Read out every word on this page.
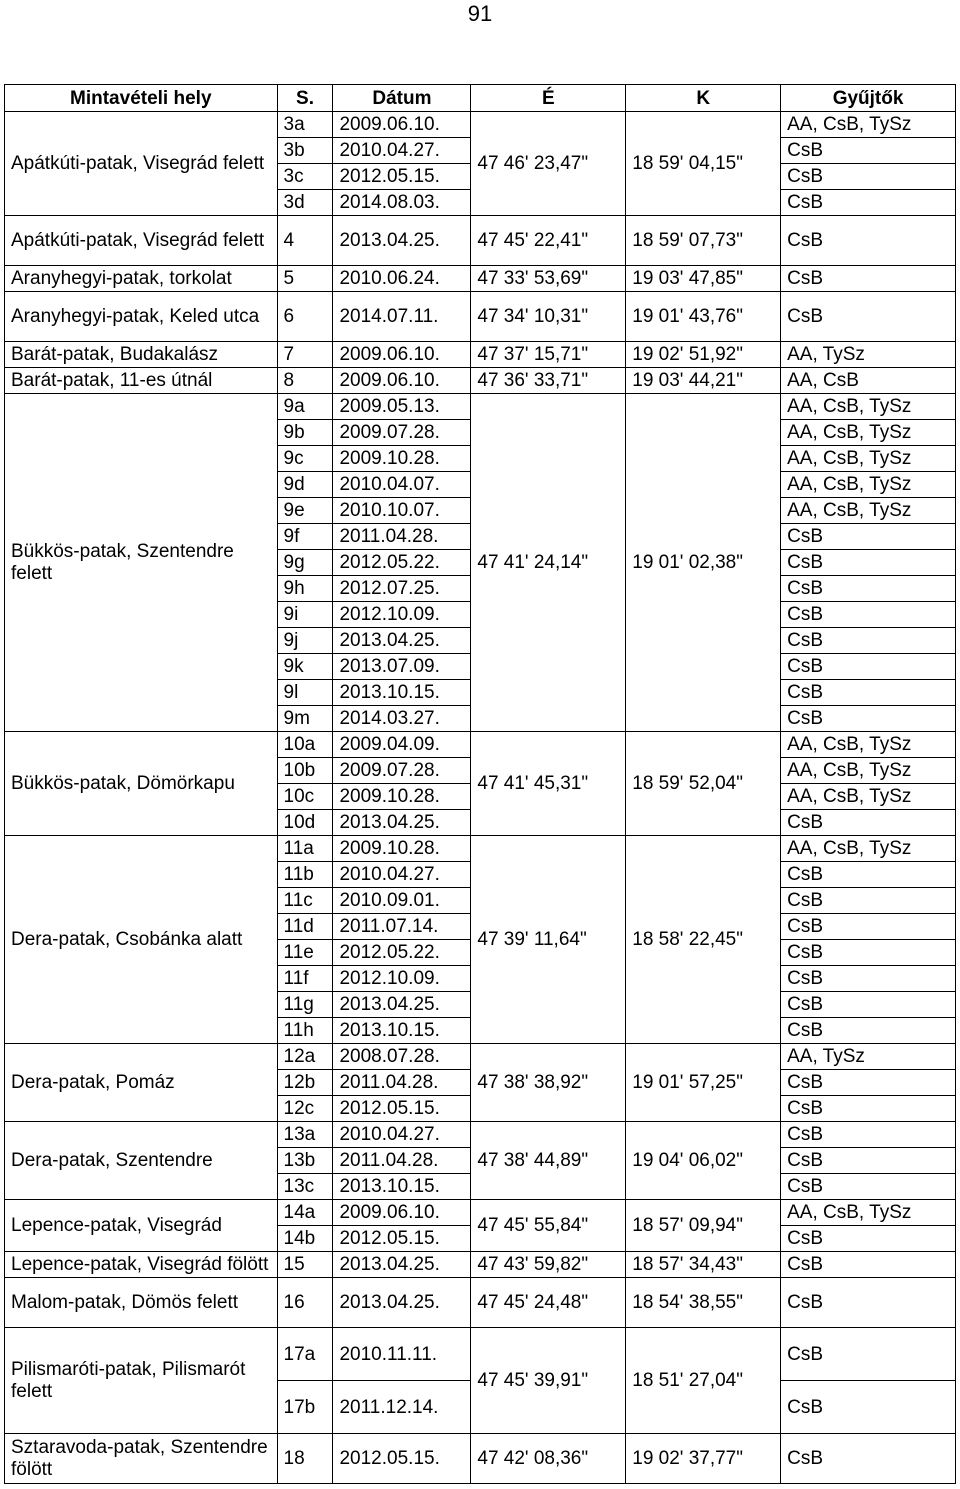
91
Mintavételi hely	S.	Dátum	É	K	Gyűjtők
Apátkúti-patak, Visegrád felett	3a	2009.06.10.	47 46' 23,47"	18 59' 04,15"	AA, CsB, TySz
	3b	2010.04.27.			CsB
	3c	2012.05.15.			CsB
	3d	2014.08.03.			CsB
Apátkúti-patak, Visegrád felett	4	2013.04.25.	47 45' 22,41"	18 59' 07,73"	CsB
Aranyhegyi-patak, torkolat	5	2010.06.24.	47 33' 53,69"	19 03' 47,85"	CsB
Aranyhegyi-patak, Keled utca	6	2014.07.11.	47 34' 10,31"	19 01' 43,76"	CsB
Barát-patak, Budakalász	7	2009.06.10.	47 37' 15,71"	19 02' 51,92"	AA, TySz
Barát-patak, 11-es útnál	8	2009.06.10.	47 36' 33,71"	19 03' 44,21"	AA, CsB
Bükkös-patak, Szentendre felett	9a	2009.05.13.	47 41' 24,14"	19 01' 02,38"	AA, CsB, TySz
	9b	2009.07.28.			AA, CsB, TySz
	9c	2009.10.28.			AA, CsB, TySz
	9d	2010.04.07.			AA, CsB, TySz
	9e	2010.10.07.			AA, CsB, TySz
	9f	2011.04.28.			CsB
	9g	2012.05.22.			CsB
	9h	2012.07.25.			CsB
	9i	2012.10.09.			CsB
	9j	2013.04.25.			CsB
	9k	2013.07.09.			CsB
	9l	2013.10.15.			CsB
	9m	2014.03.27.			CsB
Bükkös-patak, Dömörkapu	10a	2009.04.09.	47 41' 45,31"	18 59' 52,04"	AA, CsB, TySz
	10b	2009.07.28.			AA, CsB, TySz
	10c	2009.10.28.			AA, CsB, TySz
	10d	2013.04.25.			CsB
Dera-patak, Csobánka alatt	11a	2009.10.28.	47 39' 11,64"	18 58' 22,45"	AA, CsB, TySz
	11b	2010.04.27.			CsB
	11c	2010.09.01.			CsB
	11d	2011.07.14.			CsB
	11e	2012.05.22.			CsB
	11f	2012.10.09.			CsB
	11g	2013.04.25.			CsB
	11h	2013.10.15.			CsB
Dera-patak, Pomáz	12a	2008.07.28.	47 38' 38,92"	19 01' 57,25"	AA, TySz
	12b	2011.04.28.			CsB
	12c	2012.05.15.			CsB
Dera-patak, Szentendre	13a	2010.04.27.	47 38' 44,89"	19 04' 06,02"	CsB
	13b	2011.04.28.			CsB
	13c	2013.10.15.			CsB
Lepence-patak, Visegrád	14a	2009.06.10.	47 45' 55,84"	18 57' 09,94"	AA, CsB, TySz
	14b	2012.05.15.			CsB
Lepence-patak, Visegrád fölött	15	2013.04.25.	47 43' 59,82"	18 57' 34,43"	CsB
Malom-patak, Dömös felett	16	2013.04.25.	47 45' 24,48"	18 54' 38,55"	CsB
Pilismaróti-patak, Pilismarót felett	17a	2010.11.11.	47 45' 39,91"	18 51' 27,04"	CsB
	17b	2011.12.14.			CsB
Sztaravoda-patak, Szentendre fölött	18	2012.05.15.	47 42' 08,36"	19 02' 37,77"	CsB
